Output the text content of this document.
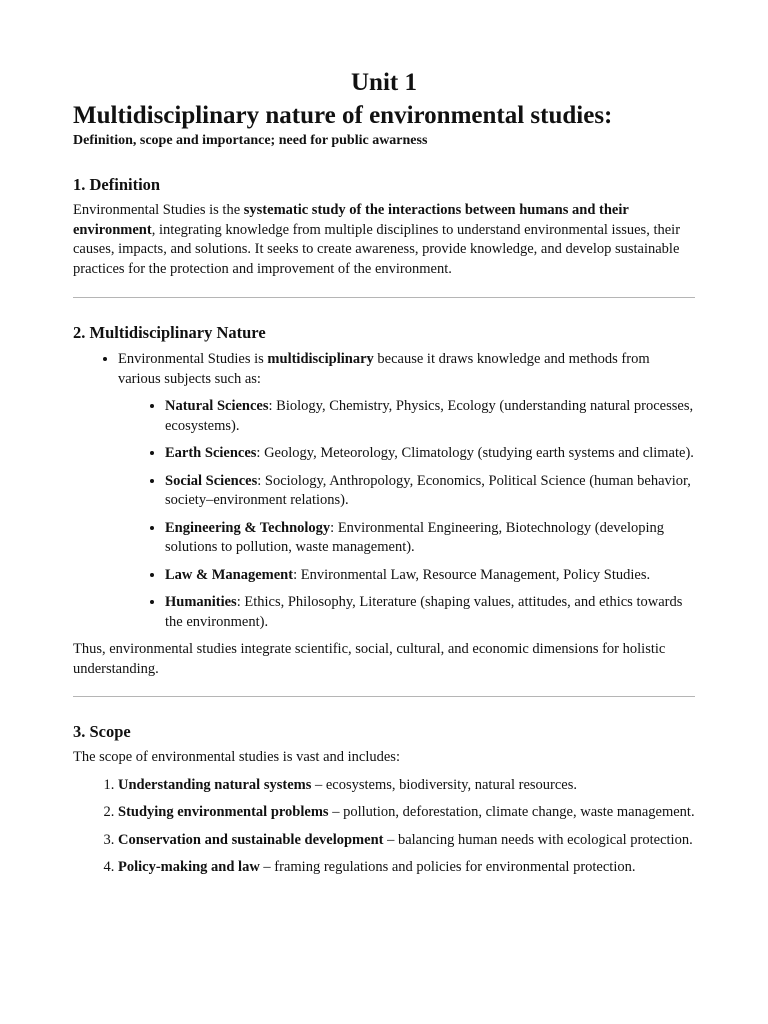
Unit 1
Multidisciplinary nature of environmental studies:

Definition, scope and importance; need for public awarness

1. Definition

Environmental Studies is the systematic study of the interactions between humans and their environment, integrating knowledge from multiple disciplines to understand environmental issues, their causes, impacts, and solutions. It seeks to create awareness, provide knowledge, and develop sustainable practices for the protection and improvement of the environment.

2. Multidisciplinary Nature
• Environmental Studies is multidisciplinary because it draws knowledge and methods from various subjects such as:
• Natural Sciences: Biology, Chemistry, Physics, Ecology (understanding natural processes, ecosystems).
• Earth Sciences: Geology, Meteorology, Climatology (studying earth systems and climate).
• Social Sciences: Sociology, Anthropology, Economics, Political Science (human behavior, society–environment relations).
• Engineering & Technology: Environmental Engineering, Biotechnology (developing solutions to pollution, waste management).
• Law & Management: Environmental Law, Resource Management, Policy Studies.
• Humanities: Ethics, Philosophy, Literature (shaping values, attitudes, and ethics towards the environment).

Thus, environmental studies integrate scientific, social, cultural, and economic dimensions for holistic understanding.

3. Scope

The scope of environmental studies is vast and includes:

1. Understanding natural systems – ecosystems, biodiversity, natural resources.
2. Studying environmental problems – pollution, deforestation, climate change, waste management.
3. Conservation and sustainable development – balancing human needs with ecological protection.
4. Policy-making and law – framing regulations and policies for environmental protection.
